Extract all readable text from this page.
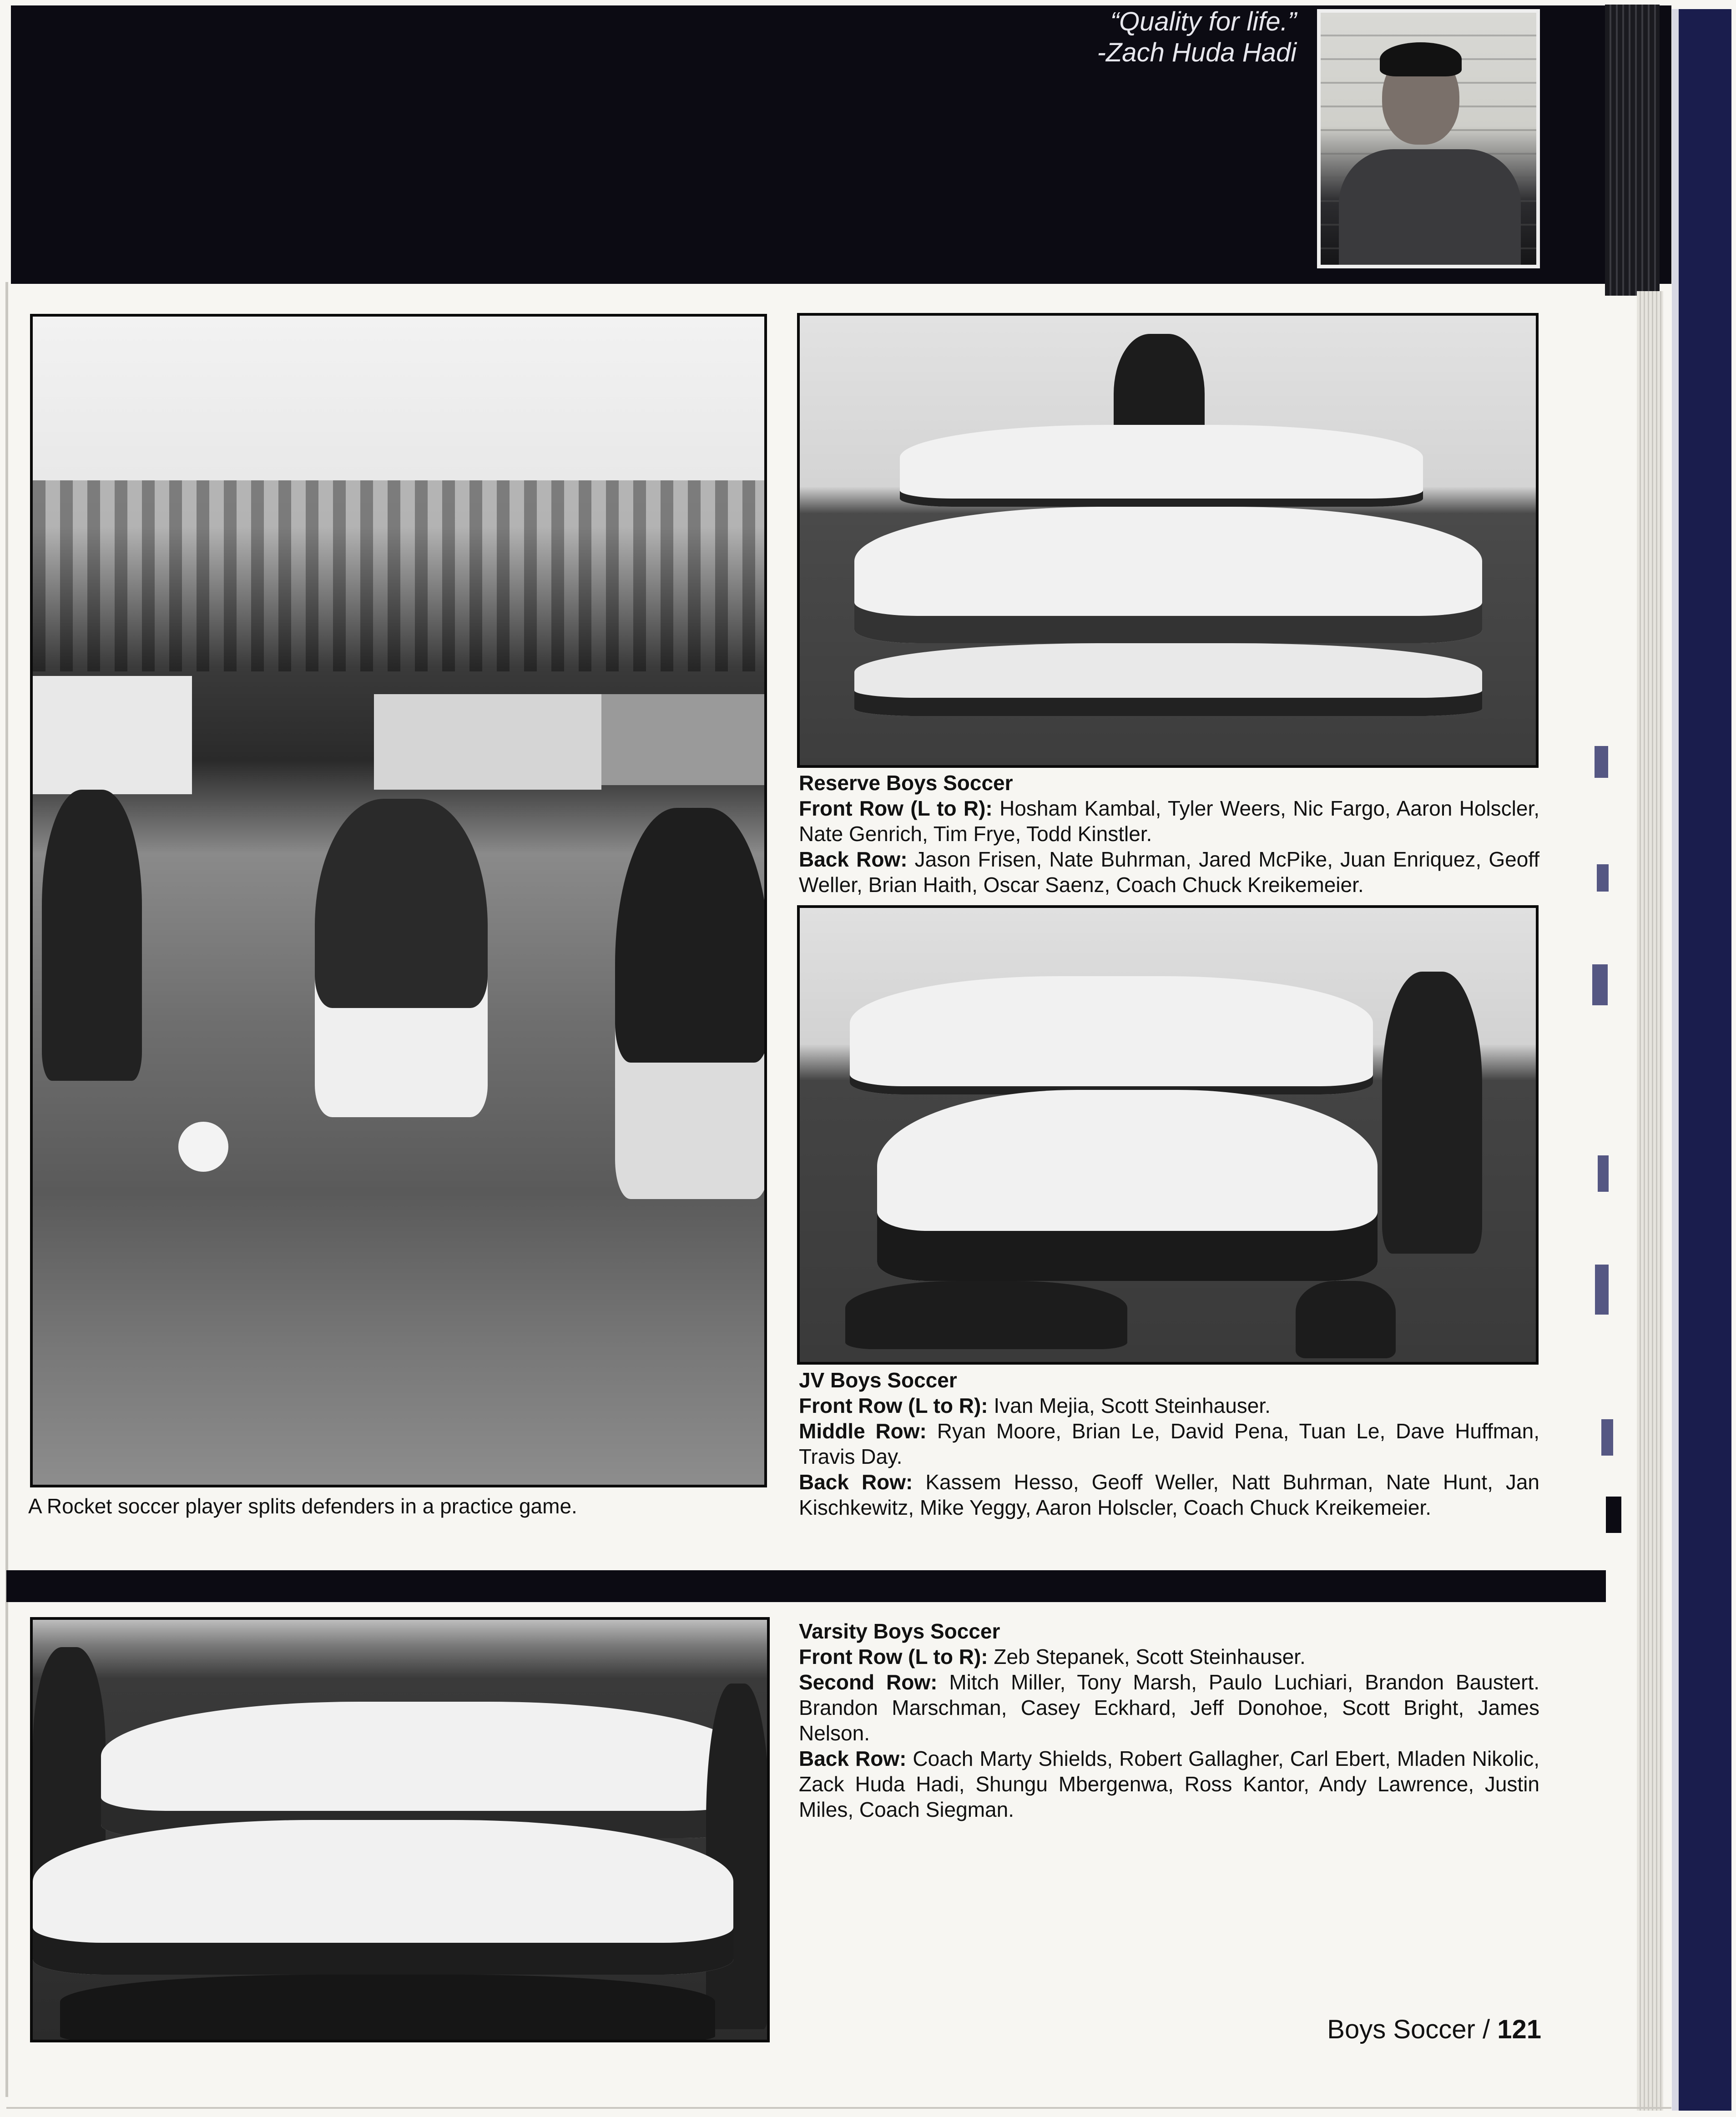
“Quality for life.”
-Zach Huda Hadi
A Rocket soccer player splits defenders in a practice game.
Reserve Boys Soccer
Front Row (L to R): Hosham Kambal, Tyler Weers, Nic Fargo, Aaron Holscler, Nate Genrich, Tim Frye, Todd Kinstler.
Back Row: Jason Frisen, Nate Buhrman, Jared McPike, Juan Enriquez, Geoff Weller, Brian Haith, Oscar Saenz, Coach Chuck Kreikemeier.
JV Boys Soccer
Front Row (L to R): Ivan Mejia, Scott Steinhauser.
Middle Row: Ryan Moore, Brian Le, David Pena, Tuan Le, Dave Huffman, Travis Day.
Back Row: Kassem Hesso, Geoff Weller, Natt Buhrman, Nate Hunt, Jan Kischkewitz, Mike Yeggy, Aaron Holscler, Coach Chuck Kreikemeier.
Varsity Boys Soccer
Front Row (L to R): Zeb Stepanek, Scott Steinhauser.
Second Row: Mitch Miller, Tony Marsh, Paulo Luchiari, Brandon Baustert. Brandon Marschman, Casey Eckhard, Jeff Donohoe, Scott Bright, James Nelson.
Back Row: Coach Marty Shields, Robert Gallagher, Carl Ebert, Mladen Nikolic, Zack Huda Hadi, Shungu Mbergenwa, Ross Kantor, Andy Lawrence, Justin Miles, Coach Siegman.
Boys Soccer / 121
